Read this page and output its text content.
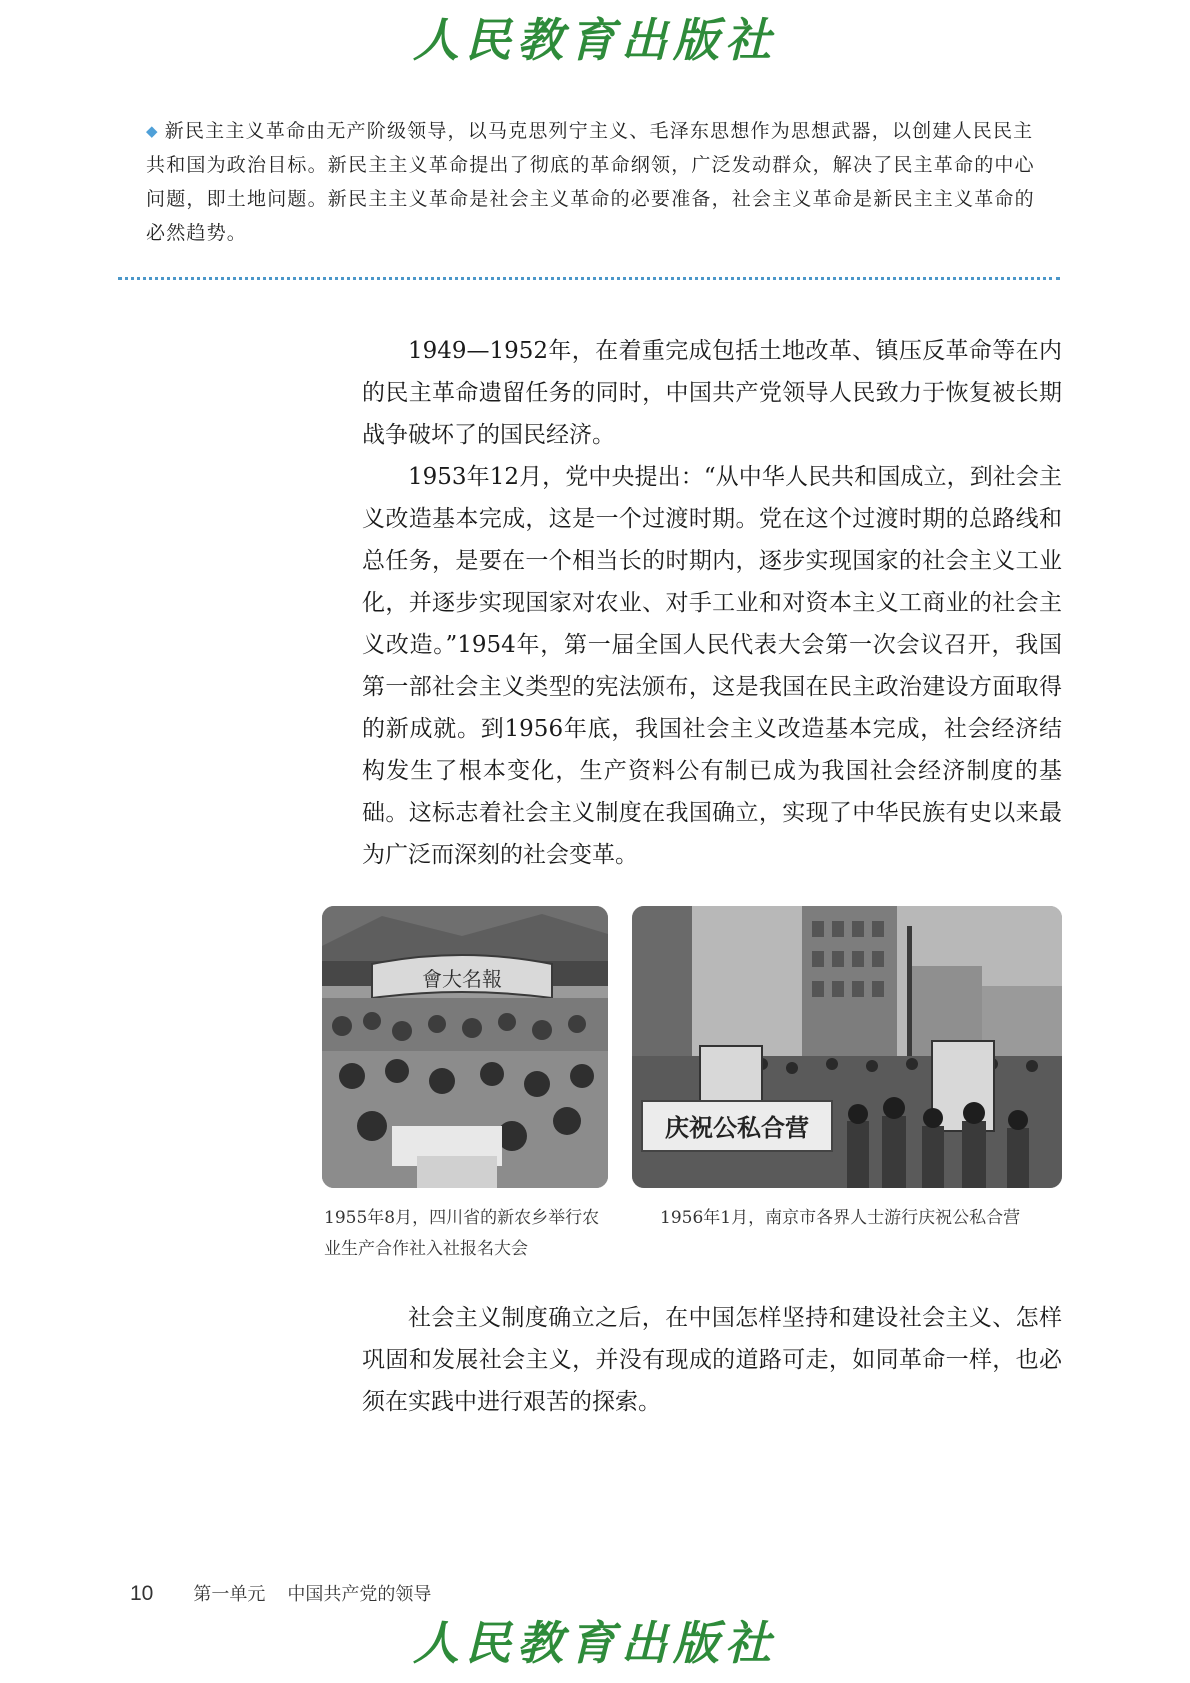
人民教育出版社
◆ 新民主主义革命由无产阶级领导，以马克思列宁主义、毛泽东思想作为思想武器，以创建人民民主共和国为政治目标。新民主主义革命提出了彻底的革命纲领，广泛发动群众，解决了民主革命的中心问题，即土地问题。新民主主义革命是社会主义革命的必要准备，社会主义革命是新民主主义革命的必然趋势。

1949—1952年，在着重完成包括土地改革、镇压反革命等在内的民主革命遗留任务的同时，中国共产党领导人民致力于恢复被长期战争破坏了的国民经济。

1953年12月，党中央提出：“从中华人民共和国成立，到社会主义改造基本完成，这是一个过渡时期。党在这个过渡时期的总路线和总任务，是要在一个相当长的时期内，逐步实现国家的社会主义工业化，并逐步实现国家对农业、对手工业和对资本主义工商业的社会主义改造。”1954年，第一届全国人民代表大会第一次会议召开，我国第一部社会主义类型的宪法颁布，这是我国在民主政治建设方面取得的新成就。到1956年底，我国社会主义改造基本完成，社会经济结构发生了根本变化，生产资料公有制已成为我国社会经济制度的基础。这标志着社会主义制度在我国确立，实现了中华民族有史以来最为广泛而深刻的社会变革。

會大名報
庆祝公私合营
1955年8月，四川省的新农乡举行农业生产合作社入社报名大会
1956年1月，南京市各界人士游行庆祝公私合营

社会主义制度确立之后，在中国怎样坚持和建设社会主义、怎样巩固和发展社会主义，并没有现成的道路可走，如同革命一样，也必须在实践中进行艰苦的探索。

10 第一单元 中国共产党的领导
人民教育出版社
